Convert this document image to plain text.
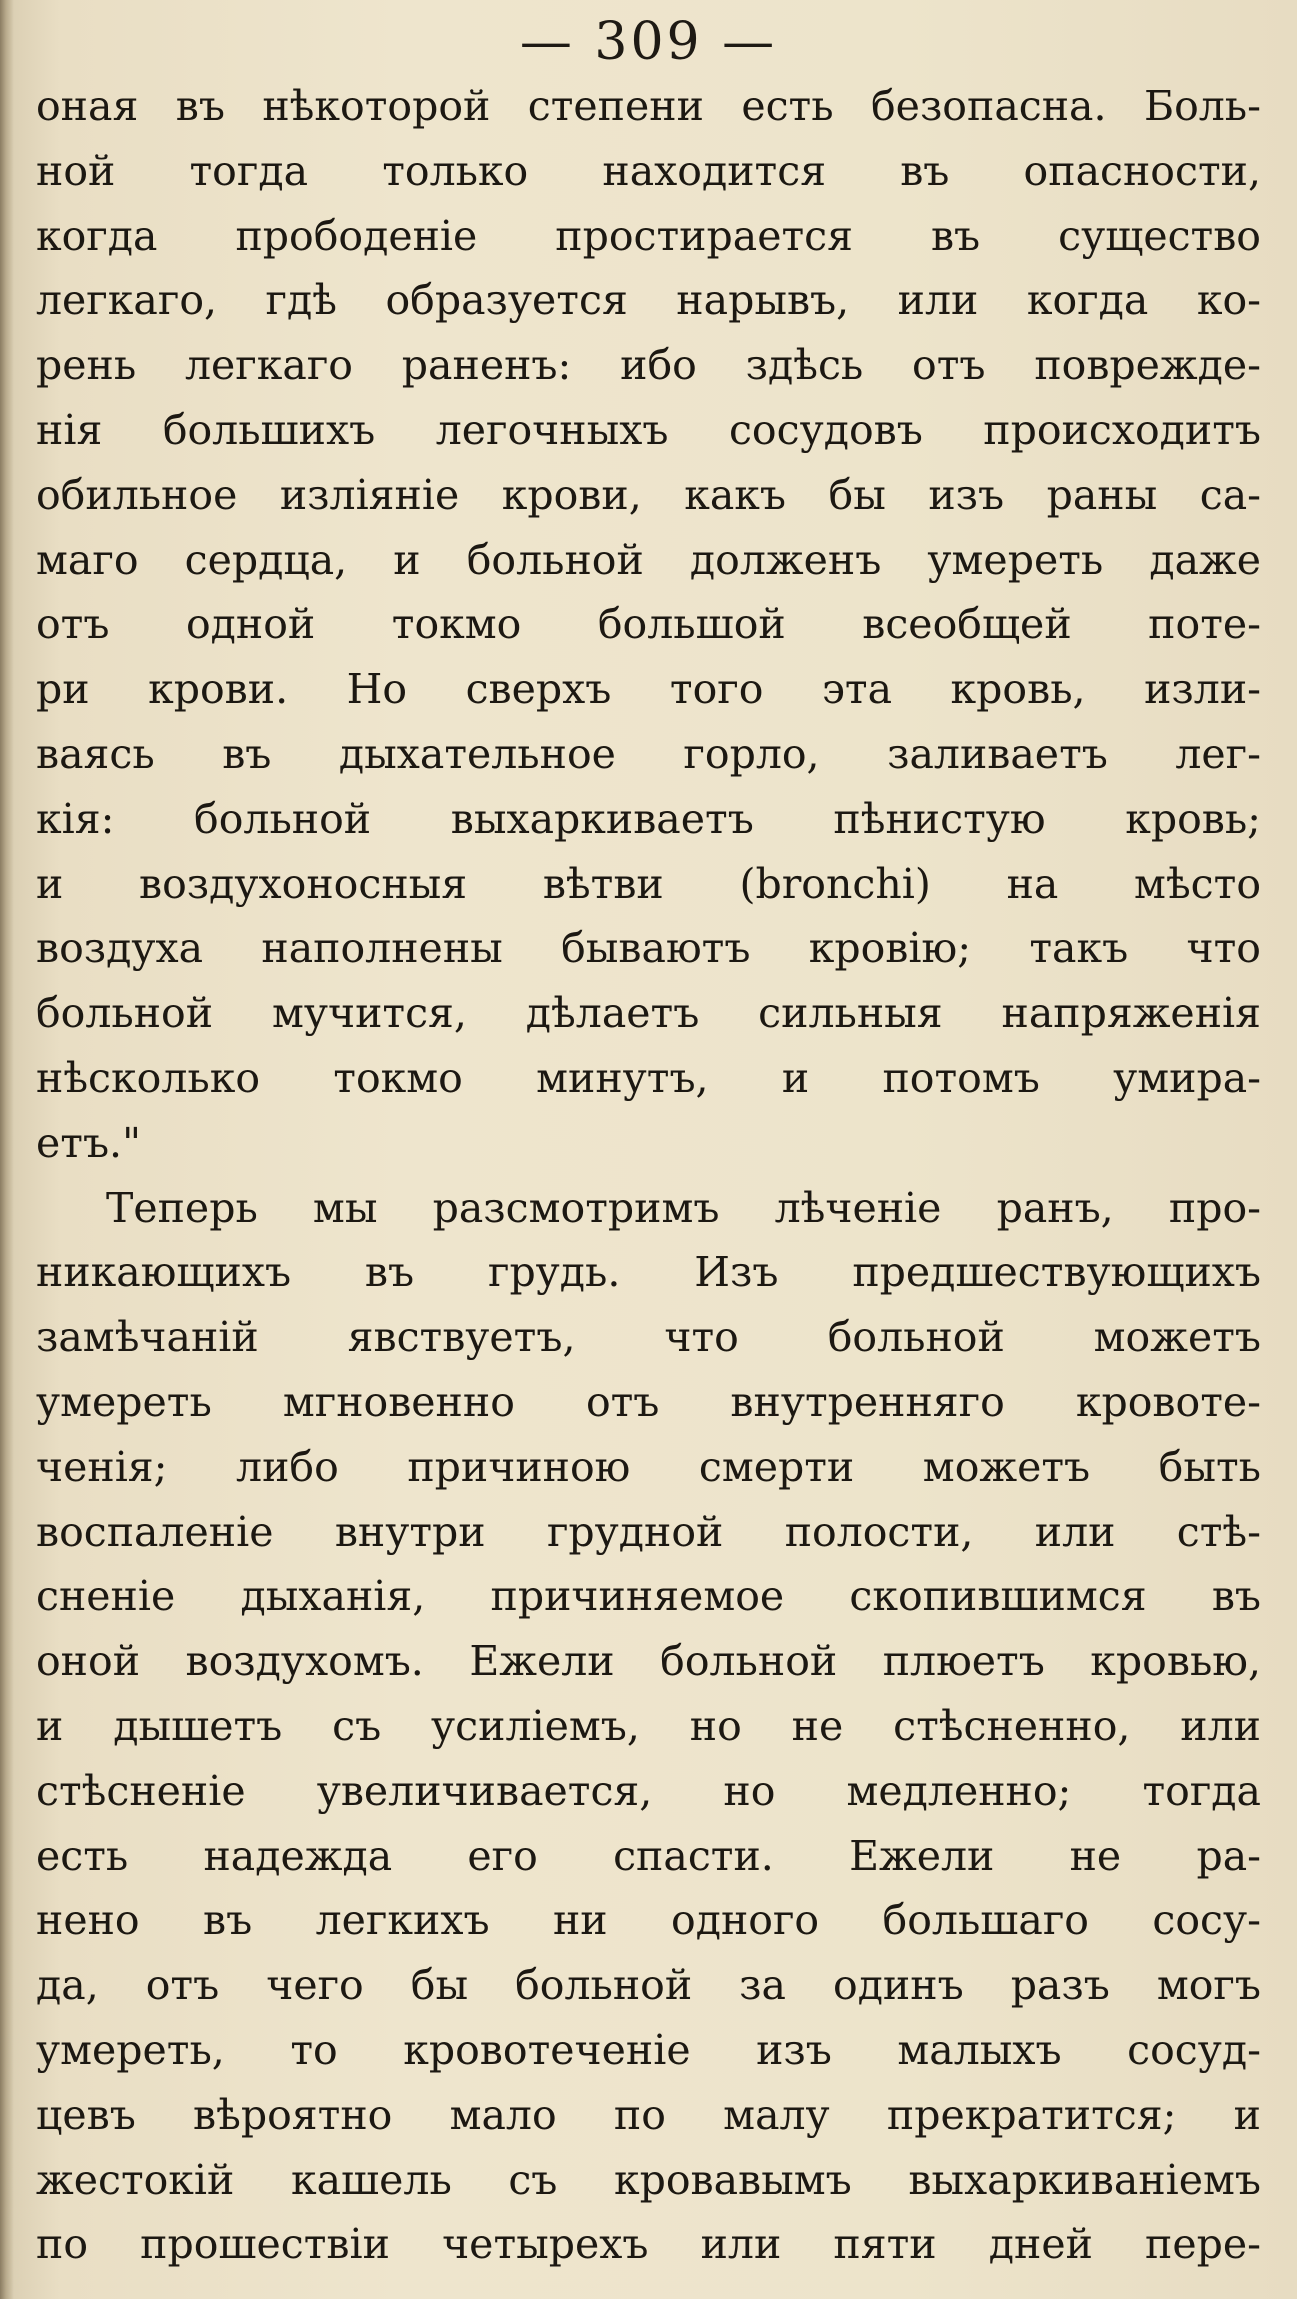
— 309 —
оная въ нѣкоторой степени есть безопасна. Боль-
ной тогда только находится въ опасности,
когда прободенiе простирается въ существо
легкаго, гдѣ образуется нарывъ, или когда ко-
рень легкаго раненъ: ибо здѣсь отъ поврежде-
нiя большихъ легочныхъ сосудовъ происходитъ
обильное излiянiе крови, какъ бы изъ раны са-
маго сердца, и больной долженъ умереть даже
отъ одной токмо большой всеобщей поте-
ри крови. Но сверхъ того эта кровь, изли-
ваясь въ дыхательное горло, заливаетъ лег-
кiя: больной выхаркиваетъ пѣнистую кровь;
и воздухоносныя вѣтви (bronchi) на мѣсто
воздуха наполнены бываютъ кровiю; такъ что
больной мучится, дѣлаетъ сильныя напряженiя
нѣсколько токмо минутъ, и потомъ умира-
етъ."
Теперь мы разсмотримъ лѣченiе ранъ, про-
никающихъ въ грудь. Изъ предшествующихъ
замѣчанiй явствуетъ, что больной можетъ
умереть мгновенно отъ внутренняго кровоте-
ченiя; либо причиною смерти можетъ быть
воспаленiе внутри грудной полости, или стѣ-
сненiе дыханiя, причиняемое скопившимся въ
оной воздухомъ. Ежели больной плюетъ кровью,
и дышетъ съ усилiемъ, но не стѣсненно, или
стѣсненiе увеличивается, но медленно; тогда
есть надежда его спасти. Ежели не ра-
нено въ легкихъ ни одного большаго сосу-
да, отъ чего бы больной за одинъ разъ могъ
умереть, то кровотеченiе изъ малыхъ сосуд-
цевъ вѣроятно мало по малу прекратится; и
жестокiй кашель съ кровавымъ выхаркиванiемъ
по прошествiи четырехъ или пяти дней пере-
